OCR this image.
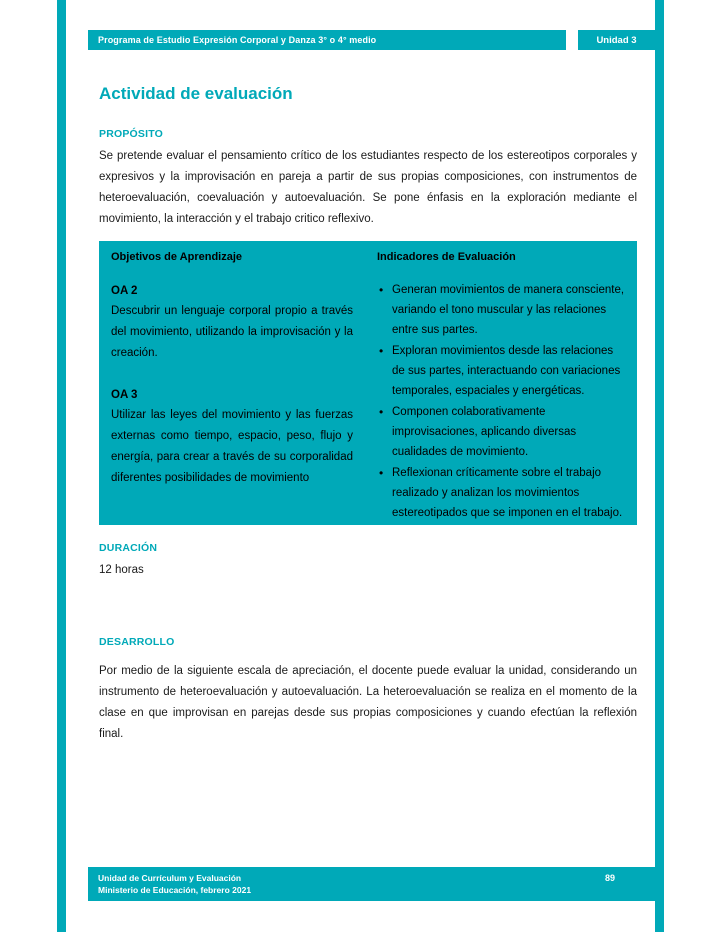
Programa de Estudio Expresión Corporal y Danza 3° o 4° medio	Unidad 3
Actividad de evaluación
PROPÓSITO

Se pretende evaluar el pensamiento crítico de los estudiantes respecto de los estereotipos corporales y expresivos y la improvisación en pareja a partir de sus propias composiciones, con instrumentos de heteroevaluación, coevaluación y autoevaluación. Se pone énfasis en la exploración mediante el movimiento, la interacción y el trabajo critico reflexivo.

Objetivos de Aprendizaje
OA 2

Descubrir un lenguaje corporal propio a través del movimiento, utilizando la improvisación y la creación.

OA 3

Utilizar las leyes del movimiento y las fuerzas externas como tiempo, espacio, peso, flujo y energía, para crear a través de su corporalidad diferentes posibilidades de movimiento

Indicadores de Evaluación
• Generan movimientos de manera consciente, variando el tono muscular y las relaciones entre sus partes.
• Exploran movimientos desde las relaciones de sus partes, interactuando con variaciones temporales, espaciales y energéticas.
• Componen colaborativamente improvisaciones, aplicando diversas cualidades de movimiento.
• Reflexionan críticamente sobre el trabajo realizado y analizan los movimientos estereotipados que se imponen en el trabajo.
DURACIÓN

12 horas

DESARROLLO

Por medio de la siguiente escala de apreciación, el docente puede evaluar la unidad, considerando un instrumento de heteroevaluación y autoevaluación. La heteroevaluación se realiza en el momento de la clase en que improvisan en parejas desde sus propias composiciones y cuando efectúan la reflexión final.

Unidad de Currículum y Evaluación
Ministerio de Educación, febrero 2021
89
